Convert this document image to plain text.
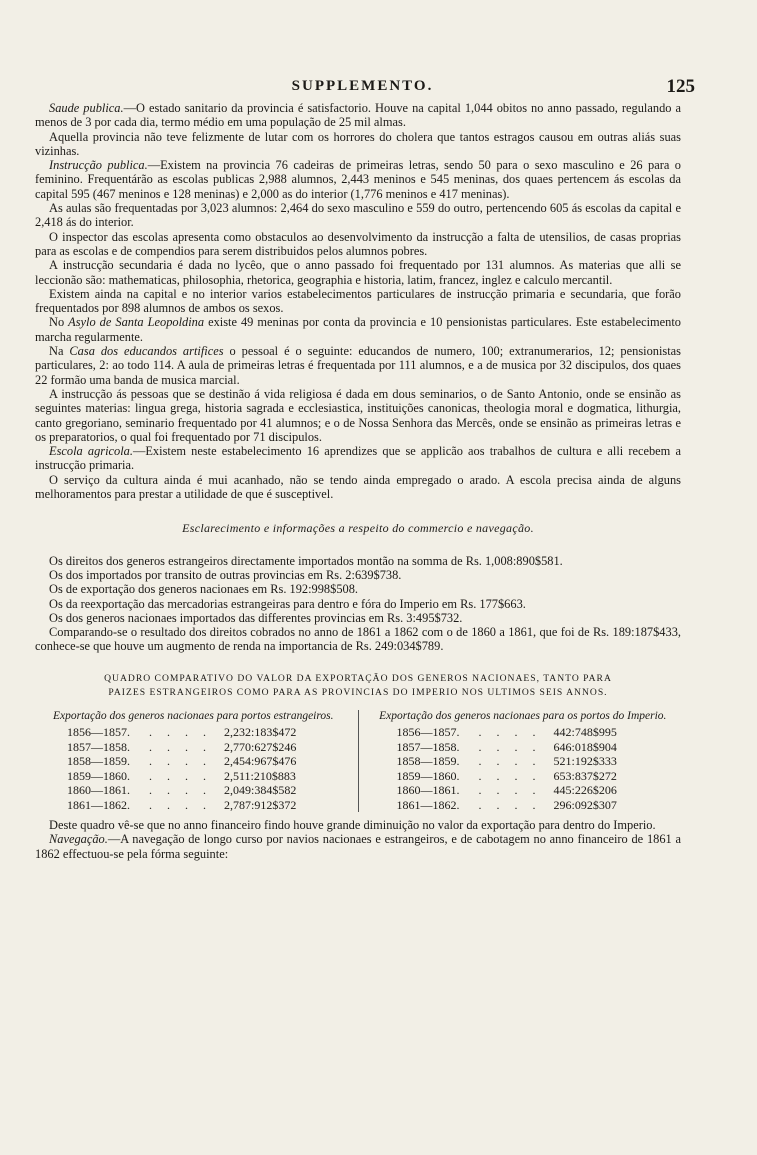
SUPPLEMENTO.	125

Saude publica.—O estado sanitario da provincia é satisfactorio. Houve na capital 1,044 obitos no anno passado, regulando a menos de 3 por cada dia, termo médio em uma população de 25 mil almas.

Aquella provincia não teve felizmente de lutar com os horrores do cholera que tantos estragos causou em outras aliás suas vizinhas.

Instrucção publica.—Existem na provincia 76 cadeiras de primeiras letras, sendo 50 para o sexo masculino e 26 para o feminino. Frequentárão as escolas publicas 2,988 alumnos, 2,443 meninos e 545 meninas, dos quaes pertencem ás escolas da capital 595 (467 meninos e 128 meninas) e 2,000 as do interior (1,776 meninos e 417 meninas).

As aulas são frequentadas por 3,023 alumnos: 2,464 do sexo masculino e 559 do outro, pertencendo 605 ás escolas da capital e 2,418 ás do interior.

O inspector das escolas apresenta como obstaculos ao desenvolvimento da instrucção a falta de utensilios, de casas proprias para as escolas e de compendios para serem distribuidos pelos alumnos pobres.

A instrucção secundaria é dada no lycêo, que o anno passado foi frequentado por 131 alumnos. As materias que alli se leccionão são: mathematicas, philosophia, rhetorica, geographia e historia, latim, francez, inglez e calculo mercantil.

Existem ainda na capital e no interior varios estabelecimentos particulares de instrucção primaria e secundaria, que forão frequentados por 898 alumnos de ambos os sexos.

No Asylo de Santa Leopoldina existe 49 meninas por conta da provincia e 10 pensionistas particulares. Este estabelecimento marcha regularmente.

Na Casa dos educandos artifices o pessoal é o seguinte: educandos de numero, 100; extranumerarios, 12; pensionistas particulares, 2: ao todo 114. A aula de primeiras letras é frequentada por 111 alumnos, e a de musica por 32 discipulos, dos quaes 22 formão uma banda de musica marcial.

A instrucção ás pessoas que se destinão á vida religiosa é dada em dous seminarios, o de Santo Antonio, onde se ensinão as seguintes materias: lingua grega, historia sagrada e ecclesiastica, instituições canonicas, theologia moral e dogmatica, lithurgia, canto gregoriano, seminario frequentado por 41 alumnos; e o de Nossa Senhora das Mercês, onde se ensinão as primeiras letras e os preparatorios, o qual foi frequentado por 71 discipulos.

Escola agricola.—Existem neste estabelecimento 16 aprendizes que se applicão aos trabalhos de cultura e alli recebem a instrucção primaria.

O serviço da cultura ainda é mui acanhado, não se tendo ainda empregado o arado. A escola precisa ainda de alguns melhoramentos para prestar a utilidade de que é susceptivel.

Esclarecimento e informações a respeito do commercio e navegação.

Os direitos dos generos estrangeiros directamente importados montão na somma de Rs. 1,008:890$581.

Os dos importados por transito de outras provincias em Rs. 2:639$738.

Os de exportação dos generos nacionaes em Rs. 192:998$508.

Os da reexportação das mercadorias estrangeiras para dentro e fóra do Imperio em Rs. 177$663.

Os dos generos nacionaes importados das differentes provincias em Rs. 3:495$732.

Comparando-se o resultado dos direitos cobrados no anno de 1861 a 1862 com o de 1860 a 1861, que foi de Rs. 189:187$433, conhece-se que houve um augmento de renda na importancia de Rs. 249:034$789.

QUADRO COMPARATIVO DO VALOR DA EXPORTAÇÃO DOS GENEROS NACIONAES, TANTO PARA
PAIZES ESTRANGEIROS COMO PARA AS PROVINCIAS DO IMPERIO NOS ULTIMOS SEIS ANNOS.
Exportação dos generos nacionaes para portos estrangeiros.
1856—1857.	. . . .	2,232:183$472
1857—1858.	. . . .	2,770:627$246
1858—1859.	. . . .	2,454:967$476
1859—1860.	. . . .	2,511:210$883
1860—1861.	. . . .	2,049:384$582
1861—1862.	. . . .	2,787:912$372
Exportação dos generos nacionaes para os portos do Imperio.
1856—1857.	. . . .	442:748$995
1857—1858.	. . . .	646:018$904
1858—1859.	. . . .	521:192$333
1859—1860.	. . . .	653:837$272
1860—1861.	. . . .	445:226$206
1861—1862.	. . . .	296:092$307

Deste quadro vê-se que no anno financeiro findo houve grande diminuição no valor da exportação para dentro do Imperio.

Navegação.—A navegação de longo curso por navios nacionaes e estrangeiros, e de cabotagem no anno financeiro de 1861 a 1862 effectuou-se pela fórma seguinte:
